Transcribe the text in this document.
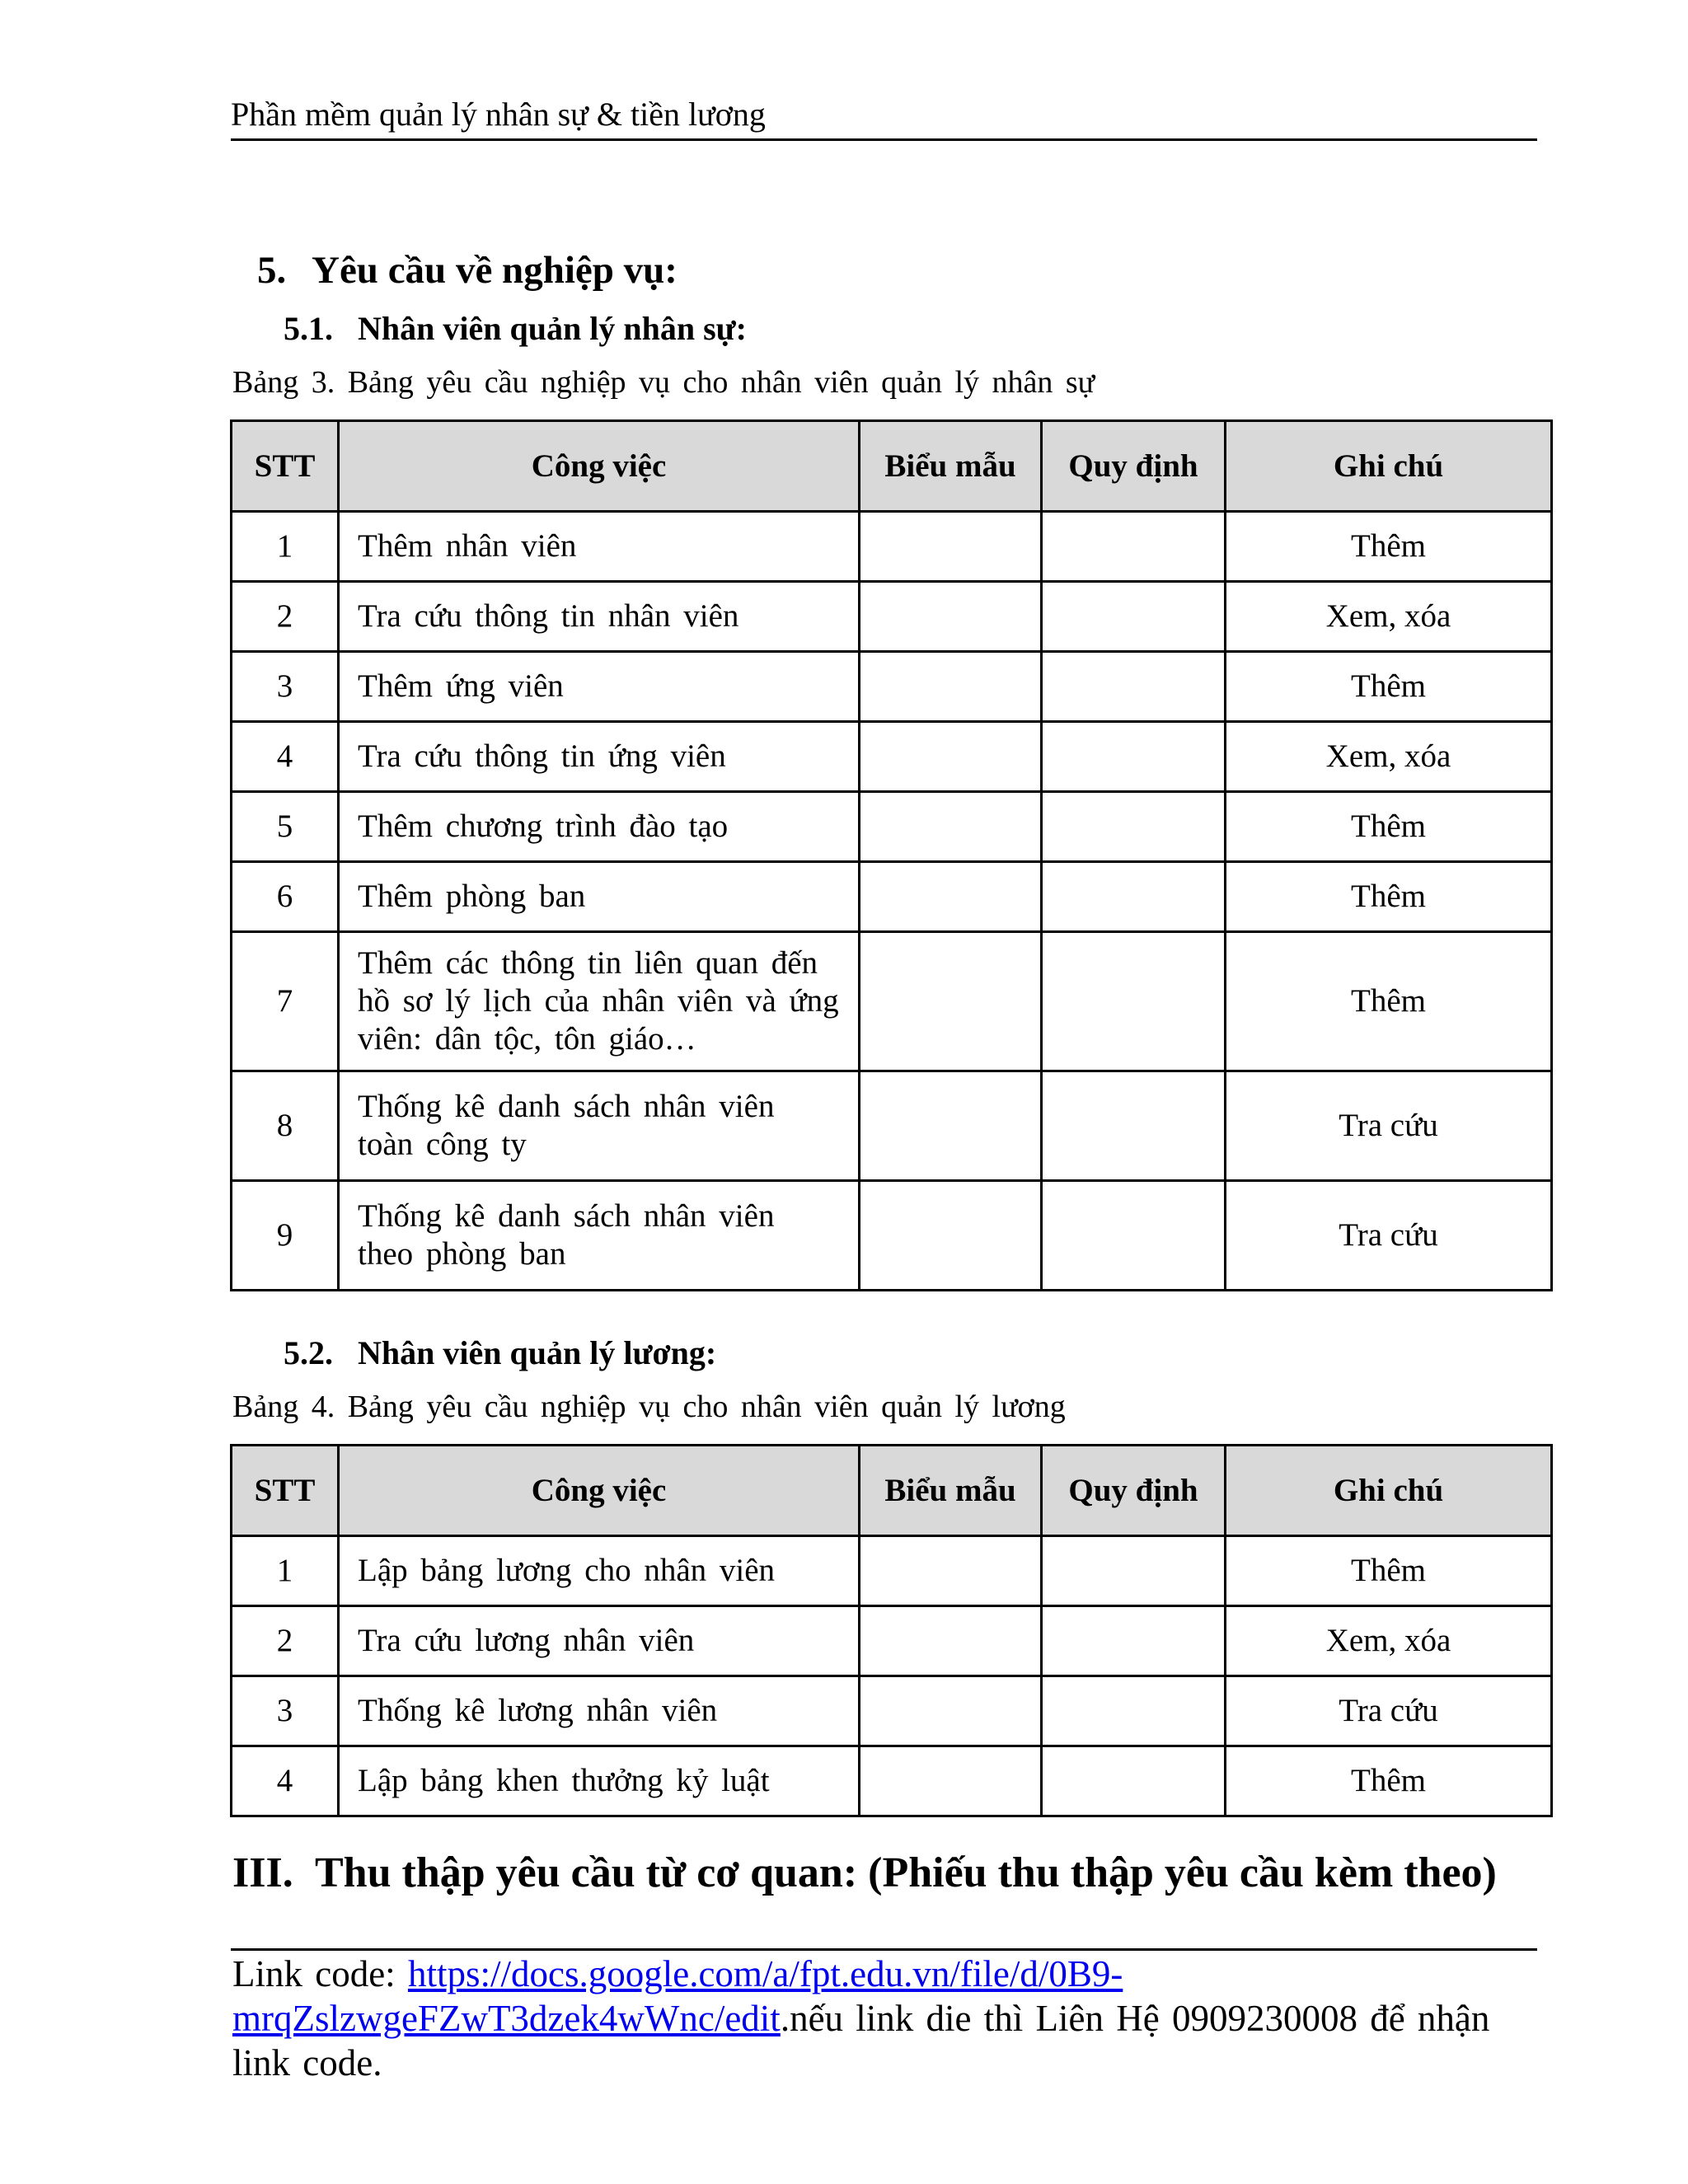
Phần mềm quản lý nhân sự & tiền lương
5. Yêu cầu về nghiệp vụ:
5.1. Nhân viên quản lý nhân sự:
Bảng 3. Bảng yêu cầu nghiệp vụ cho nhân viên quản lý nhân sự
STT	Công việc	Biểu mẫu	Quy định	Ghi chú
1	Thêm nhân viên			Thêm
2	Tra cứu thông tin nhân viên			Xem, xóa
3	Thêm ứng viên			Thêm
4	Tra cứu thông tin ứng viên			Xem, xóa
5	Thêm chương trình đào tạo			Thêm
6	Thêm phòng ban			Thêm
7	Thêm các thông tin liên quan đến hồ sơ lý lịch của nhân viên và ứng viên: dân tộc, tôn giáo…			Thêm
8	Thống kê danh sách nhân viên toàn công ty			Tra cứu
9	Thống kê danh sách nhân viên theo phòng ban			Tra cứu
5.2. Nhân viên quản lý lương:
Bảng 4. Bảng yêu cầu nghiệp vụ cho nhân viên quản lý lương
STT	Công việc	Biểu mẫu	Quy định	Ghi chú
1	Lập bảng lương cho nhân viên			Thêm
2	Tra cứu lương nhân viên			Xem, xóa
3	Thống kê lương nhân viên			Tra cứu
4	Lập bảng khen thưởng kỷ luật			Thêm
III. Thu thập yêu cầu từ cơ quan: (Phiếu thu thập yêu cầu kèm theo)
Link code: https://docs.google.com/a/fpt.edu.vn/file/d/0B9-mrqZslzwgeFZwT3dzek4wWnc/edit.nếu link die thì Liên Hệ 0909230008 để nhận link code.
